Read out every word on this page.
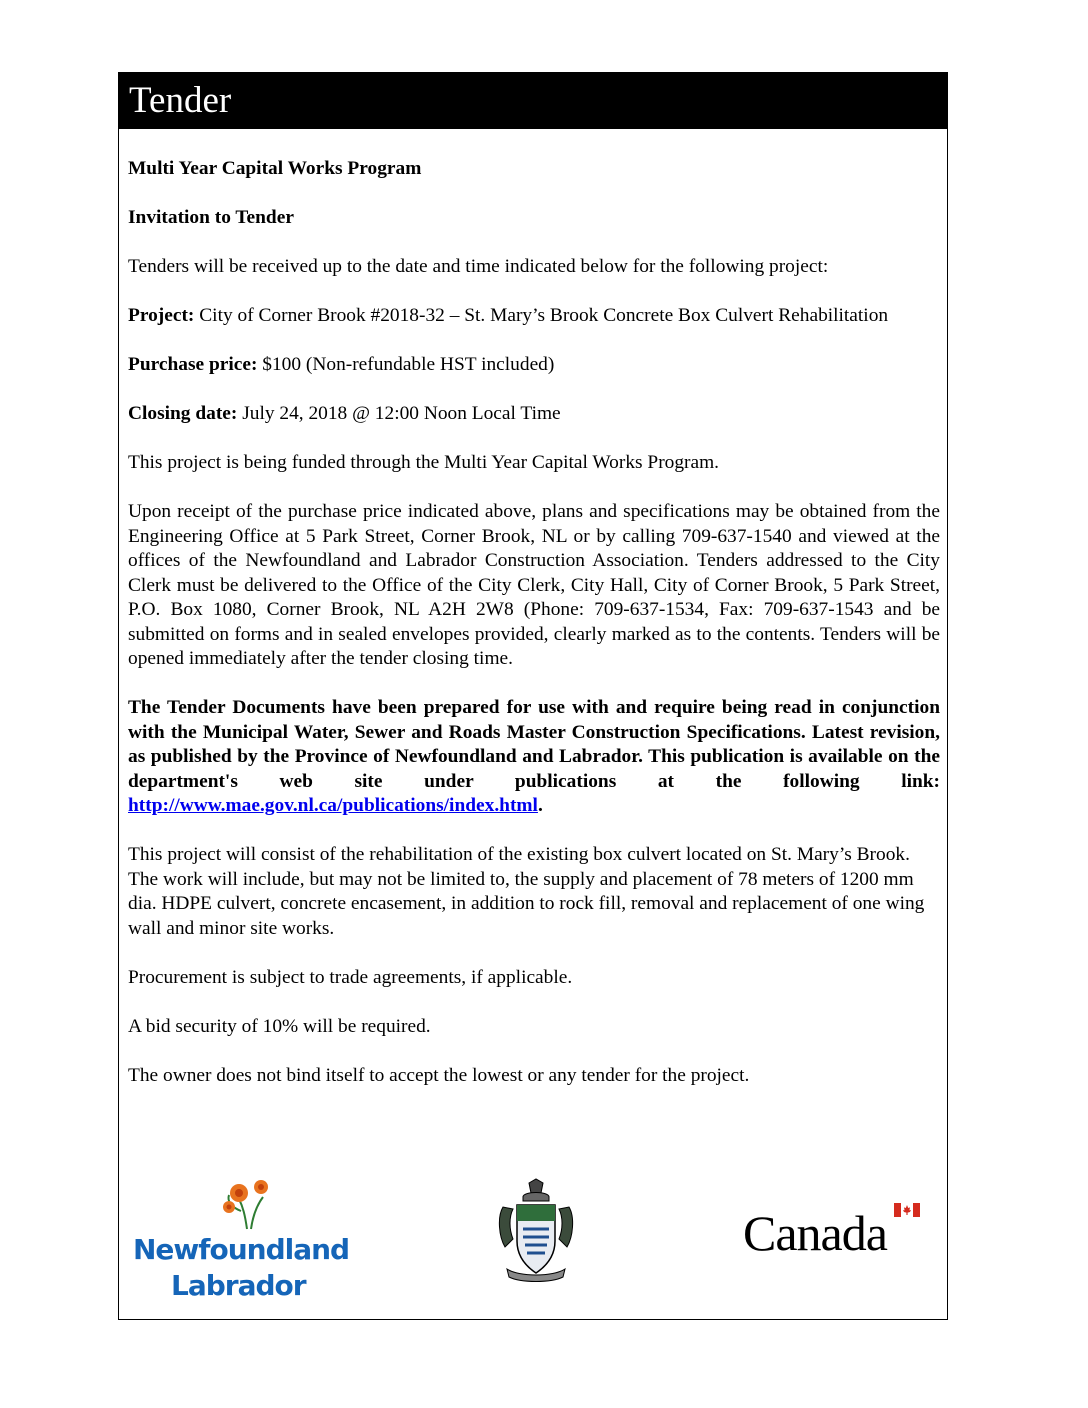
Tender

Multi Year Capital Works Program

Invitation to Tender

Tenders will be received up to the date and time indicated below for the following project:

Project: City of Corner Brook #2018-32 – St. Mary’s Brook Concrete Box Culvert Rehabilitation

Purchase price: $100 (Non-refundable HST included)

Closing date: July 24, 2018 @ 12:00 Noon Local Time

This project is being funded through the Multi Year Capital Works Program.

Upon receipt of the purchase price indicated above, plans and specifications may be obtained from the Engineering Office at 5 Park Street, Corner Brook, NL or by calling 709-637-1540 and viewed at the offices of the Newfoundland and Labrador Construction Association. Tenders addressed to the City Clerk must be delivered to the Office of the City Clerk, City Hall, City of Corner Brook, 5 Park Street, P.O. Box 1080, Corner Brook, NL A2H 2W8 (Phone: 709-637-1534, Fax: 709-637-1543 and be submitted on forms and in sealed envelopes provided, clearly marked as to the contents. Tenders will be opened immediately after the tender closing time.

The Tender Documents have been prepared for use with and require being read in conjunction with the Municipal Water, Sewer and Roads Master Construction Specifications. Latest revision, as published by the Province of Newfoundland and Labrador. This publication is available on the department's web site under publications at the following link: http://www.mae.gov.nl.ca/publications/index.html.

This project will consist of the rehabilitation of the existing box culvert located on St. Mary’s Brook. The work will include, but may not be limited to, the supply and placement of 78 meters of 1200 mm dia. HDPE culvert, concrete encasement, in addition to rock fill, removal and replacement of one wing wall and minor site works.

Procurement is subject to trade agreements, if applicable.

A bid security of 10% will be required.

The owner does not bind itself to accept the lowest or any tender for the project.

Newfoundland
Labrador
Canada
